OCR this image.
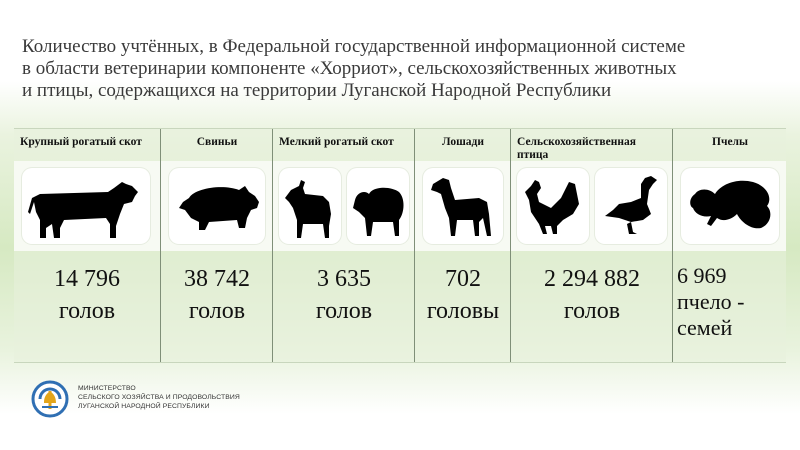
Количество учтённых, в Федеральной государственной информационной системе
в области ветеринарии компоненте «Хорриот», сельскохозяйственных животных
и птицы, содержащихся на территории Луганской Народной Республики
Крупный рогатый скот
14 796
голов
Свиньи
38 742
голов
Мелкий рогатый скот
3 635
голов
Лошади
702
головы
Сельскохозяйственная птица
2 294 882
голов
Пчелы
6 969
пчело -
семей
МИНИСТЕРСТВО
СЕЛЬСКОГО ХОЗЯЙСТВА И ПРОДОВОЛЬСТВИЯ
ЛУГАНСКОЙ НАРОДНОЙ РЕСПУБЛИКИ
